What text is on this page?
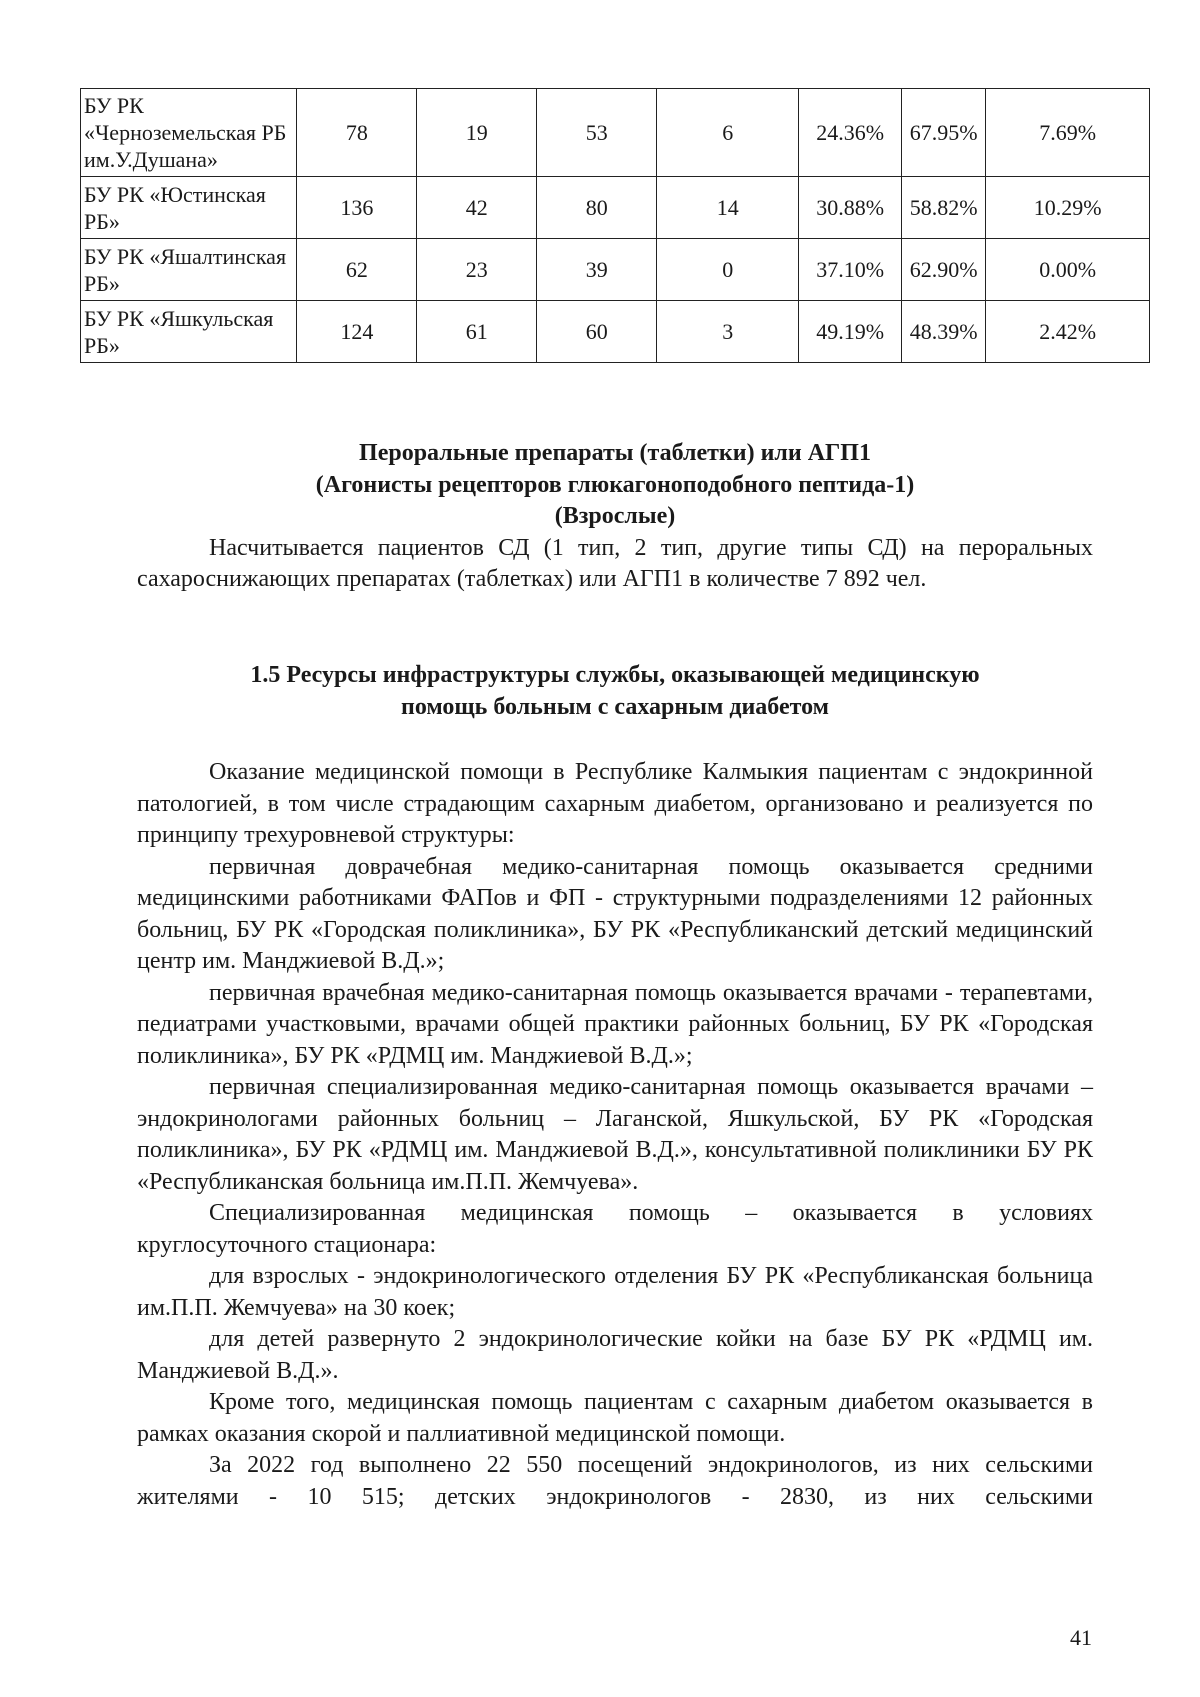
БУ РК «Черноземельская РБ им.У.Душана»	78	19	53	6	24.36%	67.95%	7.69%
БУ РК «Юстинская РБ»	136	42	80	14	30.88%	58.82%	10.29%
БУ РК «Яшалтинская РБ»	62	23	39	0	37.10%	62.90%	0.00%
БУ РК «Яшкульская РБ»	124	61	60	3	49.19%	48.39%	2.42%

Пероральные препараты (таблетки) или АГП1

(Агонисты рецепторов глюкагоноподобного пептида-1)

(Взрослые)

Насчитывается пациентов СД (1 тип, 2 тип, другие типы СД) на пероральных сахароснижающих препаратах (таблетках) или АГП1 в количестве 7 892 чел.

1.5 Ресурсы инфраструктуры службы, оказывающей медицинскую

помощь больным с сахарным диабетом

Оказание медицинской помощи в Республике Калмыкия пациентам с эндокринной патологией, в том числе страдающим сахарным диабетом, организовано и реализуется по принципу трехуровневой структуры:

первичная доврачебная медико-санитарная помощь оказывается средними медицинскими работниками ФАПов и ФП - структурными подразделениями 12 районных больниц, БУ РК «Городская поликлиника», БУ РК «Республиканский детский медицинский центр им. Манджиевой В.Д.»;

первичная врачебная медико-санитарная помощь оказывается врачами - терапевтами, педиатрами участковыми, врачами общей практики районных больниц, БУ РК «Городская поликлиника», БУ РК «РДМЦ им. Манджиевой В.Д.»;

первичная специализированная медико-санитарная помощь оказывается врачами – эндокринологами районных больниц – Лаганской, Яшкульской, БУ РК «Городская поликлиника», БУ РК «РДМЦ им. Манджиевой В.Д.», консультативной поликлиники БУ РК «Республиканская больница им.П.П. Жемчуева».

Специализированная медицинская помощь – оказывается в условиях круглосуточного стационара:

для взрослых - эндокринологического отделения БУ РК «Республиканская больница им.П.П. Жемчуева» на 30 коек;

для детей развернуто 2 эндокринологические койки на базе БУ РК «РДМЦ им. Манджиевой В.Д.».

Кроме того, медицинская помощь пациентам с сахарным диабетом оказывается в рамках оказания скорой и паллиативной медицинской помощи.

За 2022 год выполнено 22 550 посещений эндокринологов, из них сельскими жителями - 10 515; детских эндокринологов - 2830, из них сельскими

41
